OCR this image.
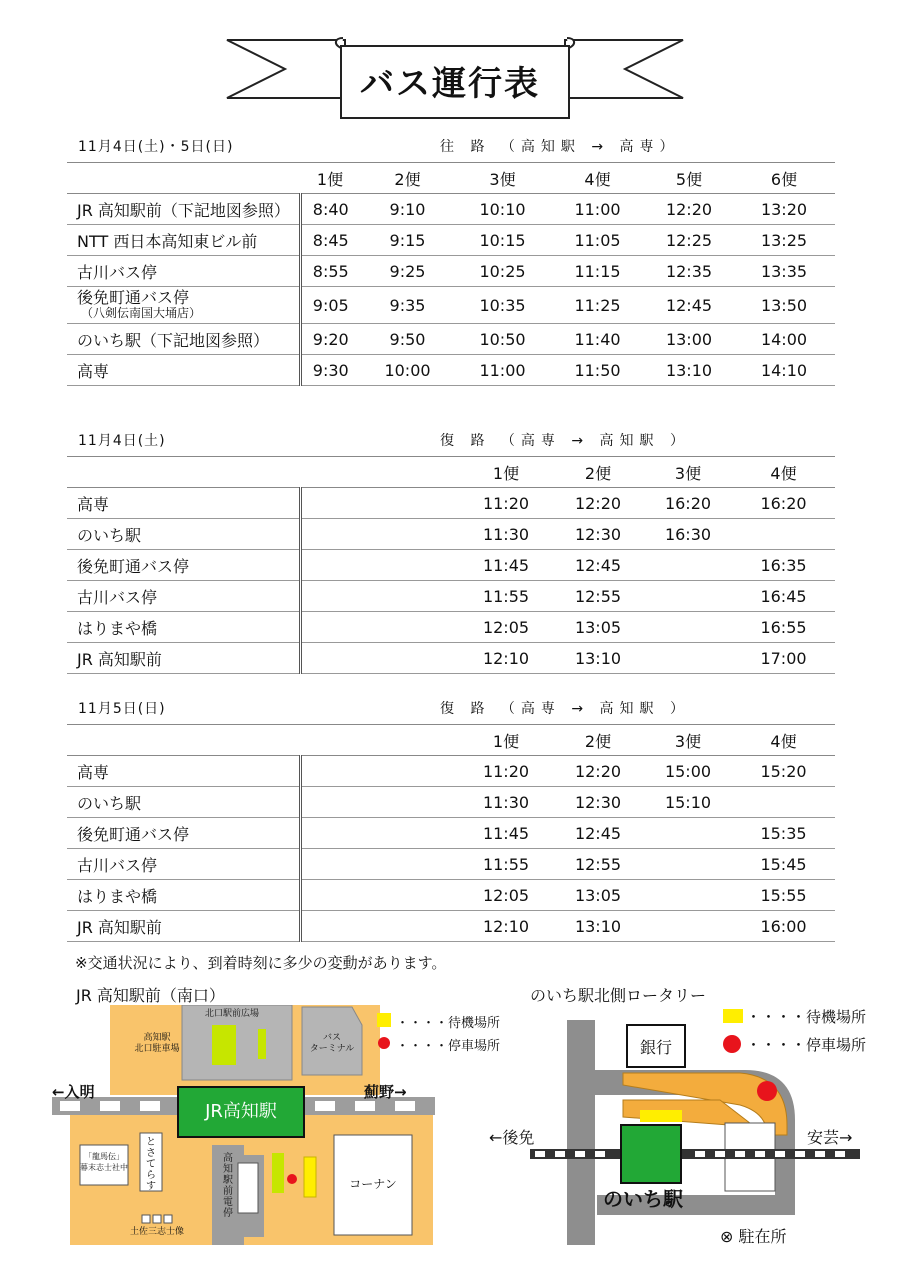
バス運行表
11月4日(土)・5日(日)	往 路 （高知駅 → 高専）
	1便	2便	3便	4便	5便	6便
JR 高知駅前（下記地図参照）	8:40	9:10	10:10	11:00	12:20	13:20
NTT 西日本高知東ビル前	8:45	9:15	10:15	11:05	12:25	13:25
古川バス停	8:55	9:25	10:25	11:15	12:35	13:35

後免町通バス停
（八剣伝南国大埇店）	9:05	9:35	10:35	11:25	12:45	13:50
のいち駅（下記地図参照）	9:20	9:50	10:50	11:40	13:00	14:00
高専	9:30	10:00	11:00	11:50	13:10	14:10
11月4日(土)	復 路 （高専 → 高知駅 ）
		1便	2便	3便	4便
高専		11:20	12:20	16:20	16:20
のいち駅		11:30	12:30	16:30	
後免町通バス停		11:45	12:45		16:35
古川バス停		11:55	12:55		16:45
はりまや橋		12:05	13:05		16:55
JR 高知駅前		12:10	13:10		17:00
11月5日(日)	復 路 （高専 → 高知駅 ）
		1便	2便	3便	4便
高専		11:20	12:20	15:00	15:20
のいち駅		11:30	12:30	15:10	
後免町通バス停		11:45	12:45		15:35
古川バス停		11:55	12:55		15:45
はりまや橋		12:05	13:05		15:55
JR 高知駅前		12:10	13:10		16:00
※交通状況により、到着時刻に多少の変動があります。
JR 高知駅前（南口）
高知駅
北口駐車場
北口駅前広場
バス
ターミナル
JR高知駅
←入明	薊野→
「龍馬伝」
幕末志士社中
とさてらす
高知駅前電停
コーナン
土佐三志士像
・・・・待機場所
・・・・停車場所
のいち駅北側ロータリー
銀行
のいち駅
←後免	安芸→
⊗ 駐在所
・・・・待機場所
・・・・停車場所
